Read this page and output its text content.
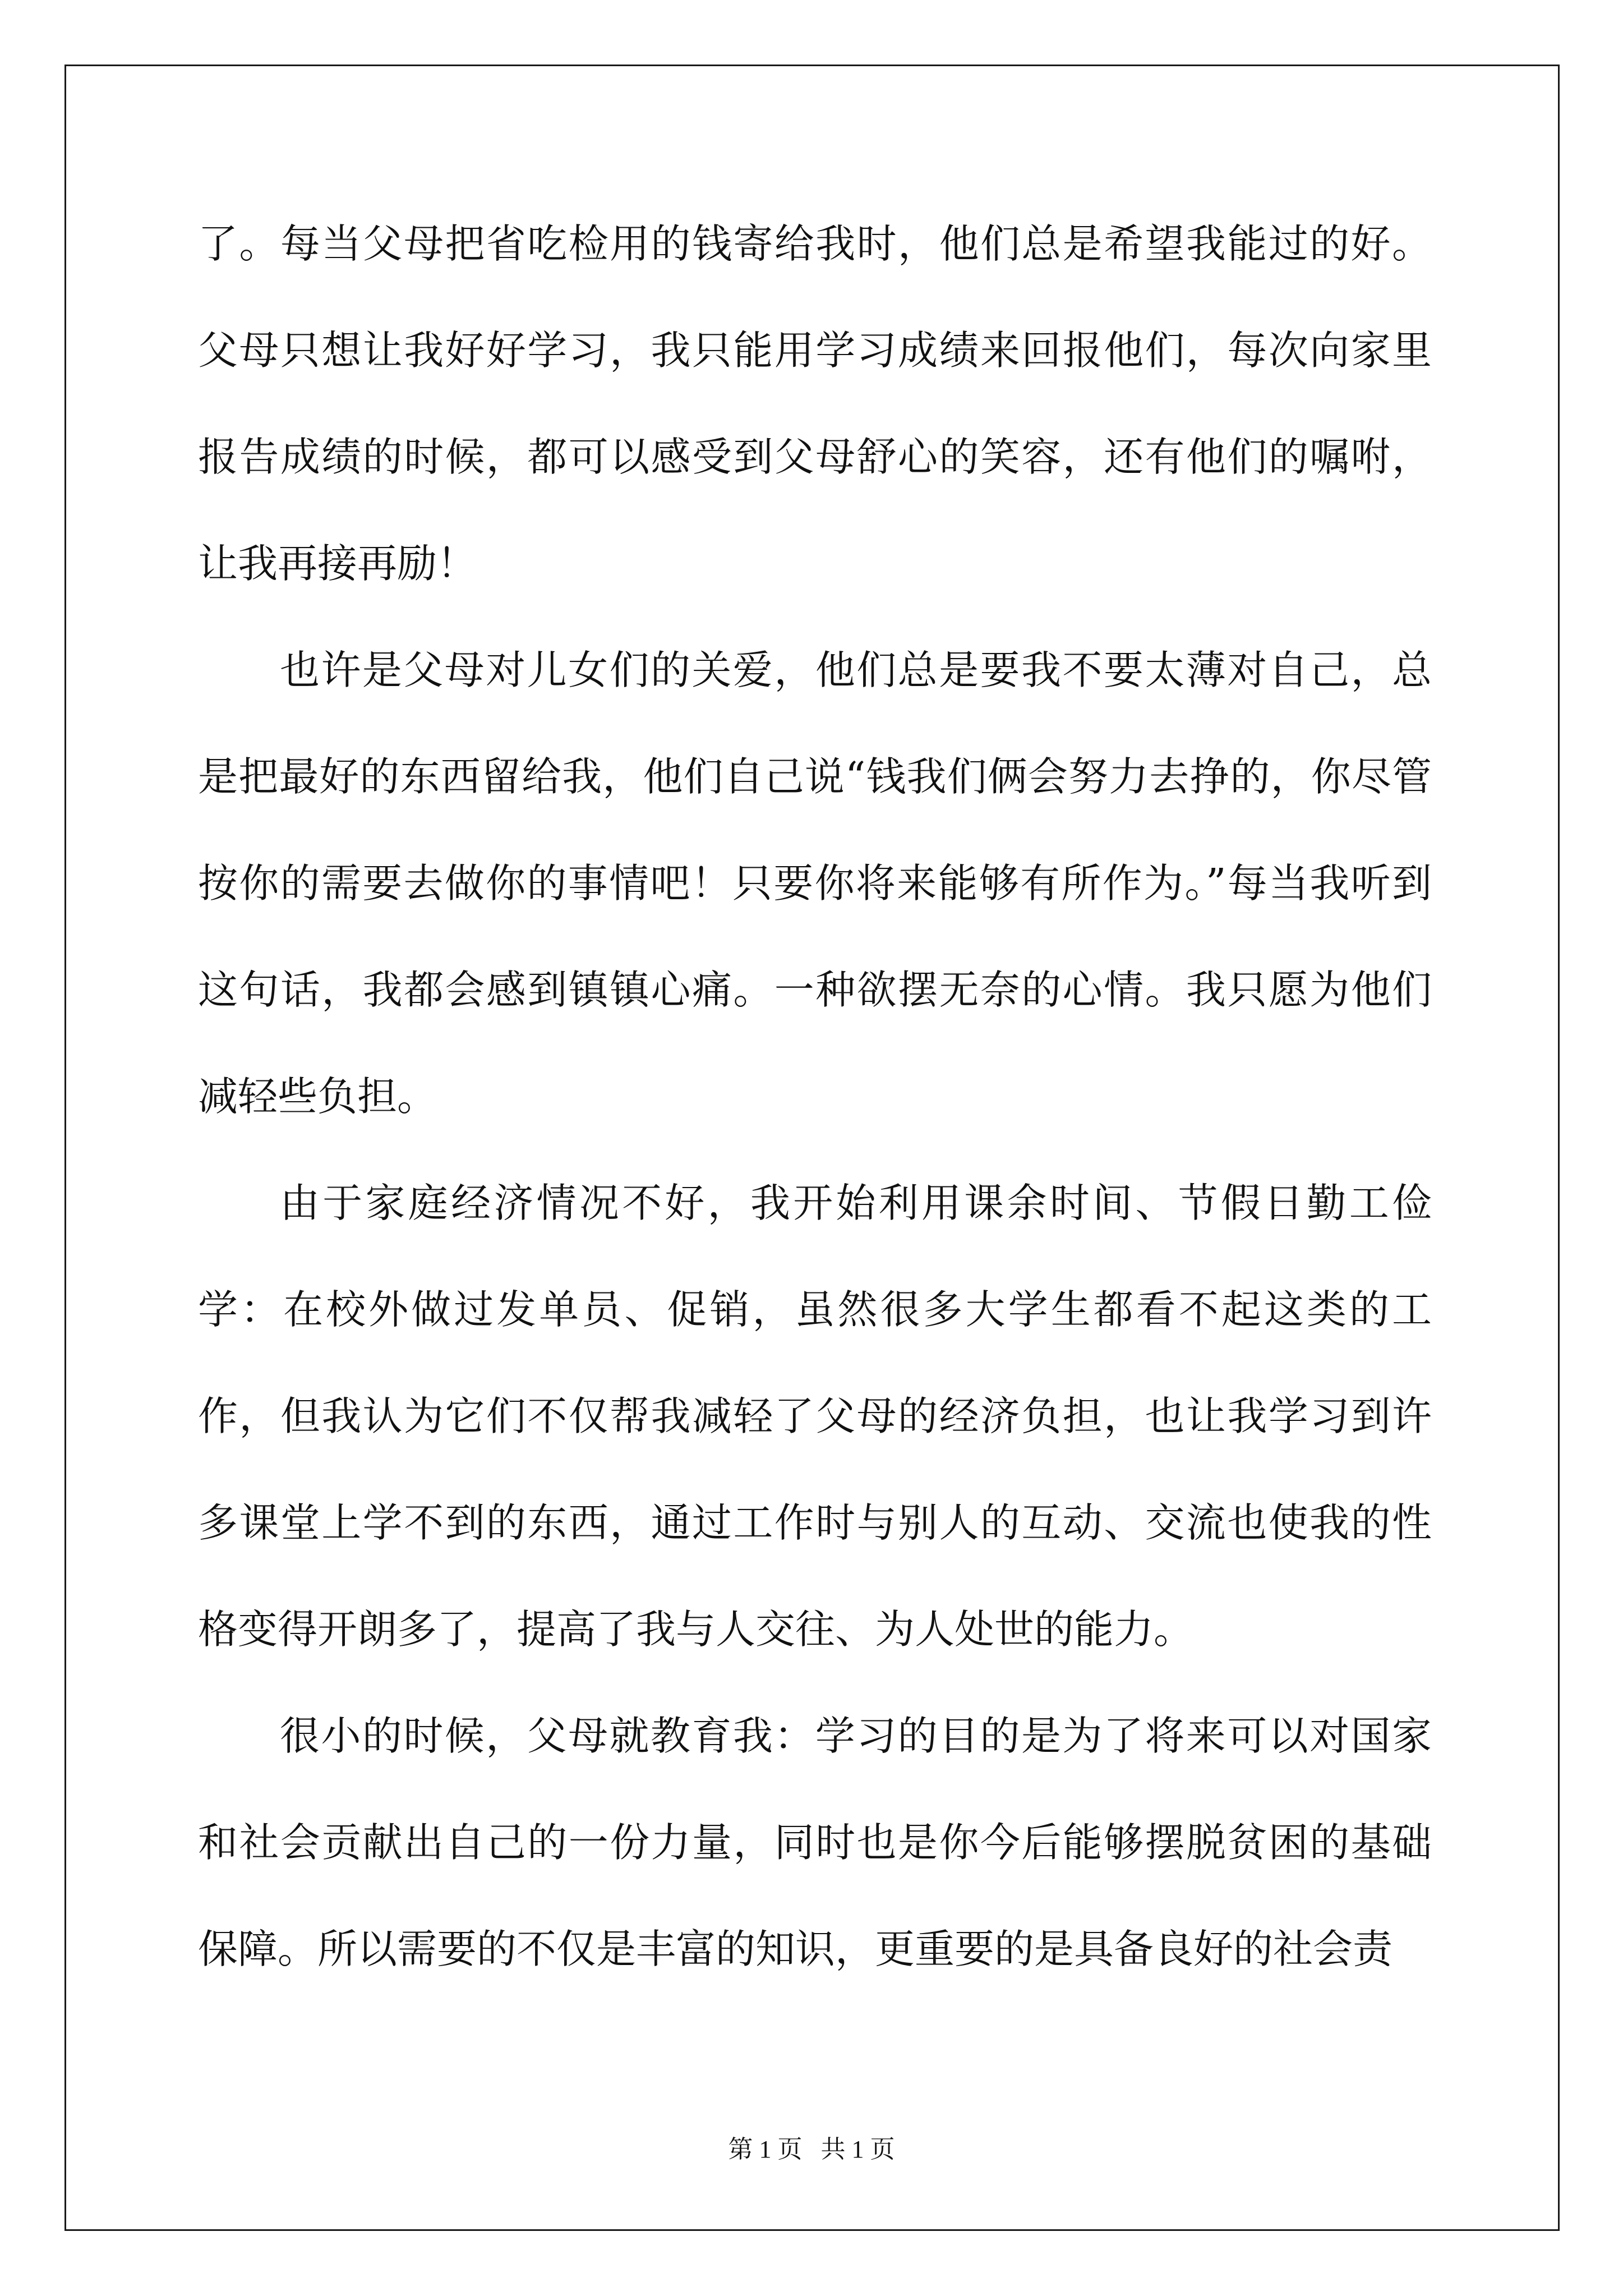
了。每当父母把省吃检用的钱寄给我时，他们总是希望我能过的好。父母只想让我好好学习，我只能用学习成绩来回报他们，每次向家里报告成绩的时候，都可以感受到父母舒心的笑容，还有他们的嘱咐，让我再接再励！

也许是父母对儿女们的关爱，他们总是要我不要太薄对自己，总是把最好的东西留给我，他们自己说“钱我们俩会努力去挣的，你尽管按你的需要去做你的事情吧！只要你将来能够有所作为。”每当我听到这句话，我都会感到镇镇心痛。一种欲摆无奈的心情。我只愿为他们减轻些负担。

由于家庭经济情况不好，我开始利用课余时间、节假日勤工俭学：在校外做过发单员、促销，虽然很多大学生都看不起这类的工作，但我认为它们不仅帮我减轻了父母的经济负担，也让我学习到许多课堂上学不到的东西，通过工作时与别人的互动、交流也使我的性格变得开朗多了，提高了我与人交往、为人处世的能力。

很小的时候，父母就教育我：学习的目的是为了将来可以对国家和社会贡献出自己的一份力量，同时也是你今后能够摆脱贫困的基础保障。所以需要的不仅是丰富的知识，更重要的是具备良好的社会责

第 1 页   共 1 页
